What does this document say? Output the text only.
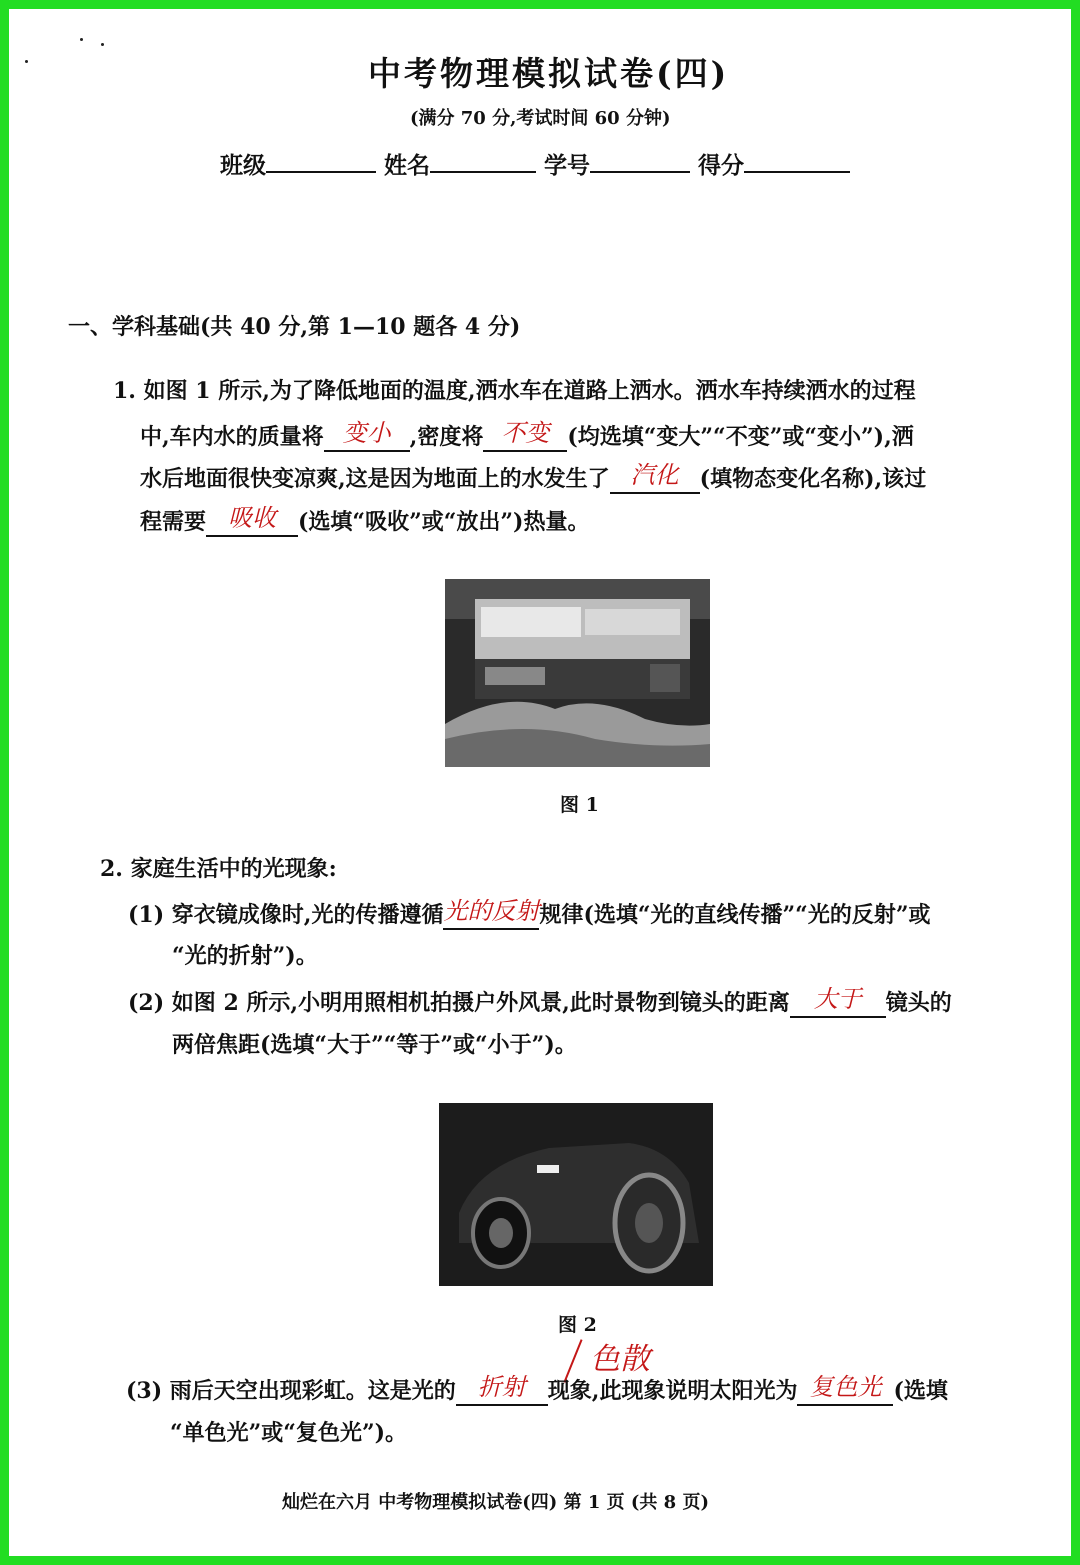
中考物理模拟试卷(四)
(满分 70 分,考试时间 60 分钟)
班级	姓名	学号	得分
一、学科基础(共 40 分,第 1—10 题各 4 分)
1. 如图 1 所示,为了降低地面的温度,洒水车在道路上洒水。洒水车持续洒水的过程
中,车内水的质量将 变小 ,密度将 不变 (均选填“变大”“不变”或“变小”),洒
水后地面很快变凉爽,这是因为地面上的水发生了 汽化 (填物态变化名称),该过
程需要 吸收 (选填“吸收”或“放出”)热量。
图 1
2. 家庭生活中的光现象:
(1) 穿衣镜成像时,光的传播遵循光的反射规律(选填“光的直线传播”“光的反射”或
“光的折射”)。
(2) 如图 2 所示,小明用照相机拍摄户外风景,此时景物到镜头的距离 大于 镜头的
两倍焦距(选填“大于”“等于”或“小于”)。
图 2
色散
(3) 雨后天空出现彩虹。这是光的 折射 现象,此现象说明太阳光为 复色光 (选填
“单色光”或“复色光”)。
灿烂在六月 中考物理模拟试卷(四) 第 1 页 (共 8 页)
